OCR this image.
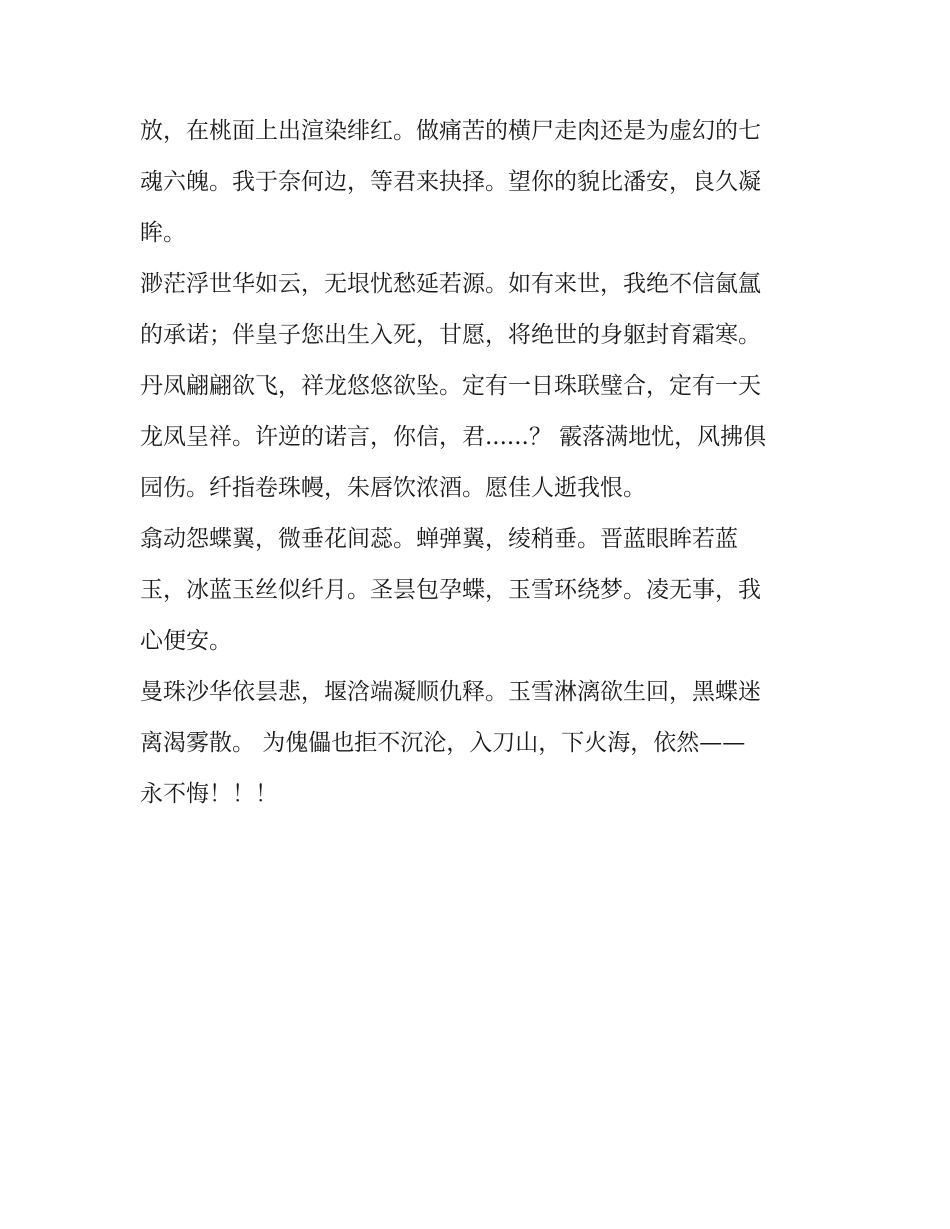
放，在桃面上出渲染绯红。做痛苦的横尸走肉还是为虚幻的七
魂六魄。我于奈何边，等君来抉择。望你的貌比潘安，良久凝
眸。
渺茫浮世华如云，无垠忧愁延若源。如有来世，我绝不信氤氲
的承诺；伴皇子您出生入死，甘愿，将绝世的身躯封育霜寒。
丹凤翩翩欲飞，祥龙悠悠欲坠。定有一日珠联璧合，定有一天
龙凤呈祥。许逆的诺言，你信，君......？ 霰落满地忧，风拂俱
园伤。纤指卷珠幔，朱唇饮浓酒。愿佳人逝我恨。
翕动怨蝶翼，微垂花间蕊。蝉弹翼，绫稍垂。晋蓝眼眸若蓝
玉，冰蓝玉丝似纤月。圣昙包孕蝶，玉雪环绕梦。凌无事，我
心便安。
曼珠沙华依昙悲，堰浛端凝顺仇释。玉雪淋漓欲生回，黑蝶迷
离渴雾散。 为傀儡也拒不沉沦，入刀山，下火海，依然——
永不悔！！！
